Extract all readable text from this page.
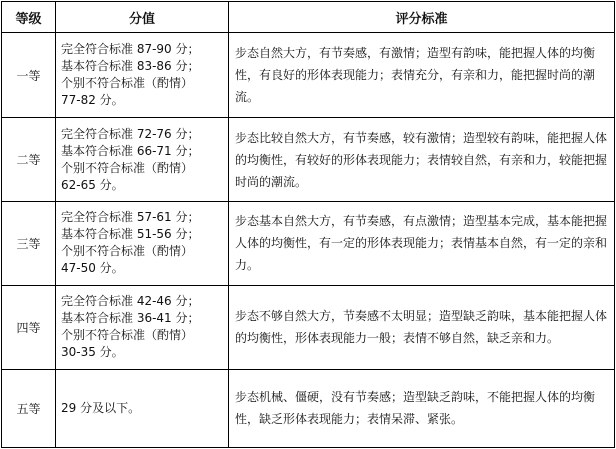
等级	分值	评分标准
一等	完全符合标准 87-90 分；
基本符合标准 83-86 分；
个别不符合标准（酌情）
77-82 分。	步态自然大方，有节奏感，有激情；造型有韵味，能把握人体的均衡性，有良好的形体表现能力；表情充分，有亲和力，能把握时尚的潮流。
二等	完全符合标准 72-76 分；
基本符合标准 66-71 分；
个别不符合标准（酌情）
62-65 分。	步态比较自然大方，有节奏感，较有激情；造型较有韵味，能把握人体的均衡性，有较好的形体表现能力；表情较自然，有亲和力，较能把握时尚的潮流。
三等	完全符合标准 57-61 分；
基本符合标准 51-56 分；
个别不符合标准（酌情）
47-50 分。	步态基本自然大方，有节奏感，有点激情；造型基本完成，基本能把握人体的均衡性，有一定的形体表现能力；表情基本自然，有一定的亲和力。
四等	完全符合标准 42-46 分；
基本符合标准 36-41 分；
个别不符合标准（酌情）
30-35 分。	步态不够自然大方，节奏感不太明显；造型缺乏韵味，基本能把握人体的均衡性，形体表现能力一般；表情不够自然，缺乏亲和力。
五等	29 分及以下。	步态机械、僵硬，没有节奏感；造型缺乏韵味，不能把握人体的均衡性，缺乏形体表现能力；表情呆滞、紧张。
